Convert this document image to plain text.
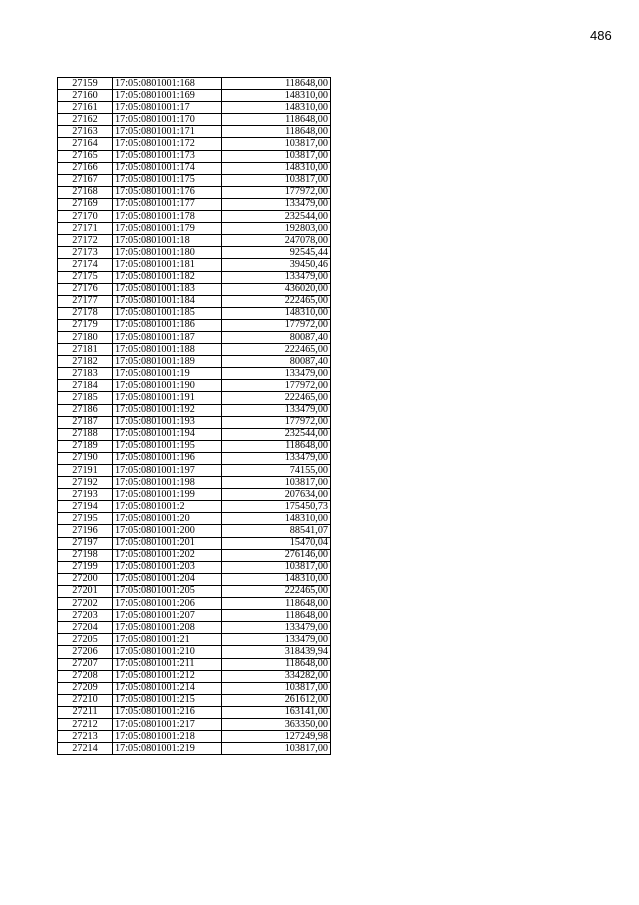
486
27159	17:05:0801001:168	118648,00
27160	17:05:0801001:169	148310,00
27161	17:05:0801001:17	148310,00
27162	17:05:0801001:170	118648,00
27163	17:05:0801001:171	118648,00
27164	17:05:0801001:172	103817,00
27165	17:05:0801001:173	103817,00
27166	17:05:0801001:174	148310,00
27167	17:05:0801001:175	103817,00
27168	17:05:0801001:176	177972,00
27169	17:05:0801001:177	133479,00
27170	17:05:0801001:178	232544,00
27171	17:05:0801001:179	192803,00
27172	17:05:0801001:18	247078,00
27173	17:05:0801001:180	92545,44
27174	17:05:0801001:181	39450,46
27175	17:05:0801001:182	133479,00
27176	17:05:0801001:183	436020,00
27177	17:05:0801001:184	222465,00
27178	17:05:0801001:185	148310,00
27179	17:05:0801001:186	177972,00
27180	17:05:0801001:187	80087,40
27181	17:05:0801001:188	222465,00
27182	17:05:0801001:189	80087,40
27183	17:05:0801001:19	133479,00
27184	17:05:0801001:190	177972,00
27185	17:05:0801001:191	222465,00
27186	17:05:0801001:192	133479,00
27187	17:05:0801001:193	177972,00
27188	17:05:0801001:194	232544,00
27189	17:05:0801001:195	118648,00
27190	17:05:0801001:196	133479,00
27191	17:05:0801001:197	74155,00
27192	17:05:0801001:198	103817,00
27193	17:05:0801001:199	207634,00
27194	17:05:0801001:2	175450,73
27195	17:05:0801001:20	148310,00
27196	17:05:0801001:200	88541,07
27197	17:05:0801001:201	15470,04
27198	17:05:0801001:202	276146,00
27199	17:05:0801001:203	103817,00
27200	17:05:0801001:204	148310,00
27201	17:05:0801001:205	222465,00
27202	17:05:0801001:206	118648,00
27203	17:05:0801001:207	118648,00
27204	17:05:0801001:208	133479,00
27205	17:05:0801001:21	133479,00
27206	17:05:0801001:210	318439,94
27207	17:05:0801001:211	118648,00
27208	17:05:0801001:212	334282,00
27209	17:05:0801001:214	103817,00
27210	17:05:0801001:215	261612,00
27211	17:05:0801001:216	163141,00
27212	17:05:0801001:217	363350,00
27213	17:05:0801001:218	127249,98
27214	17:05:0801001:219	103817,00
